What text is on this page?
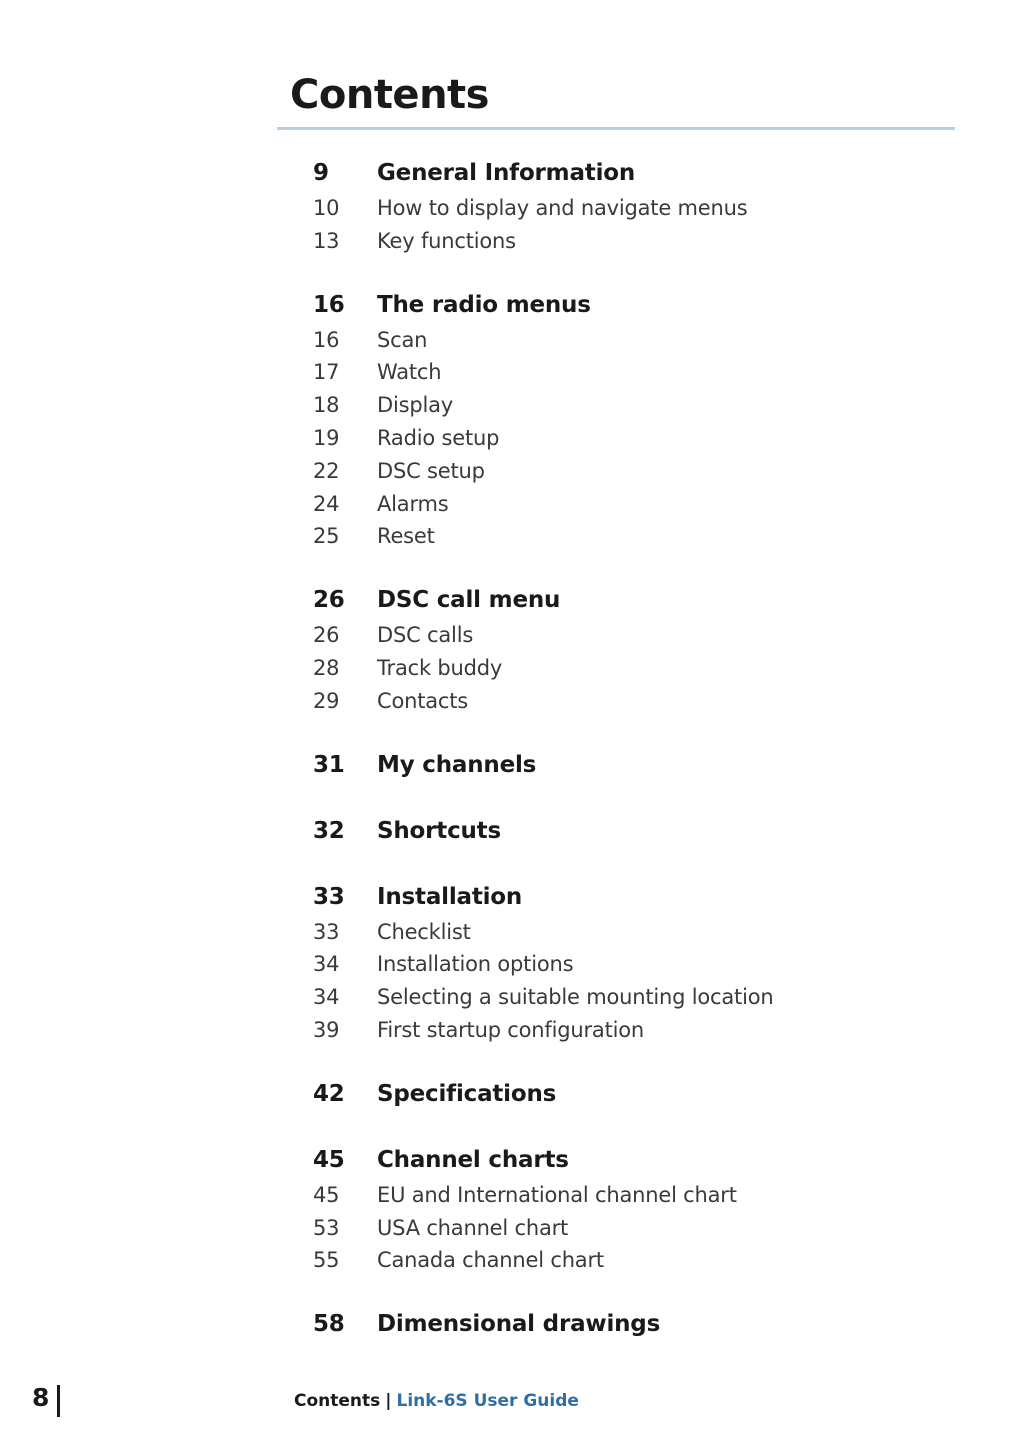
Contents
9	General Information
10	How to display and navigate menus
13	Key functions
16	The radio menus
16	Scan
17	Watch
18	Display
19	Radio setup
22	DSC setup
24	Alarms
25	Reset
26	DSC call menu
26	DSC calls
28	Track buddy
29	Contacts
31	My channels
32	Shortcuts
33	Installation
33	Checklist
34	Installation options
34	Selecting a suitable mounting location
39	First startup configuration
42	Specifications
45	Channel charts
45	EU and International channel chart
53	USA channel chart
55	Canada channel chart
58	Dimensional drawings
8	Contents | Link-6S User Guide
